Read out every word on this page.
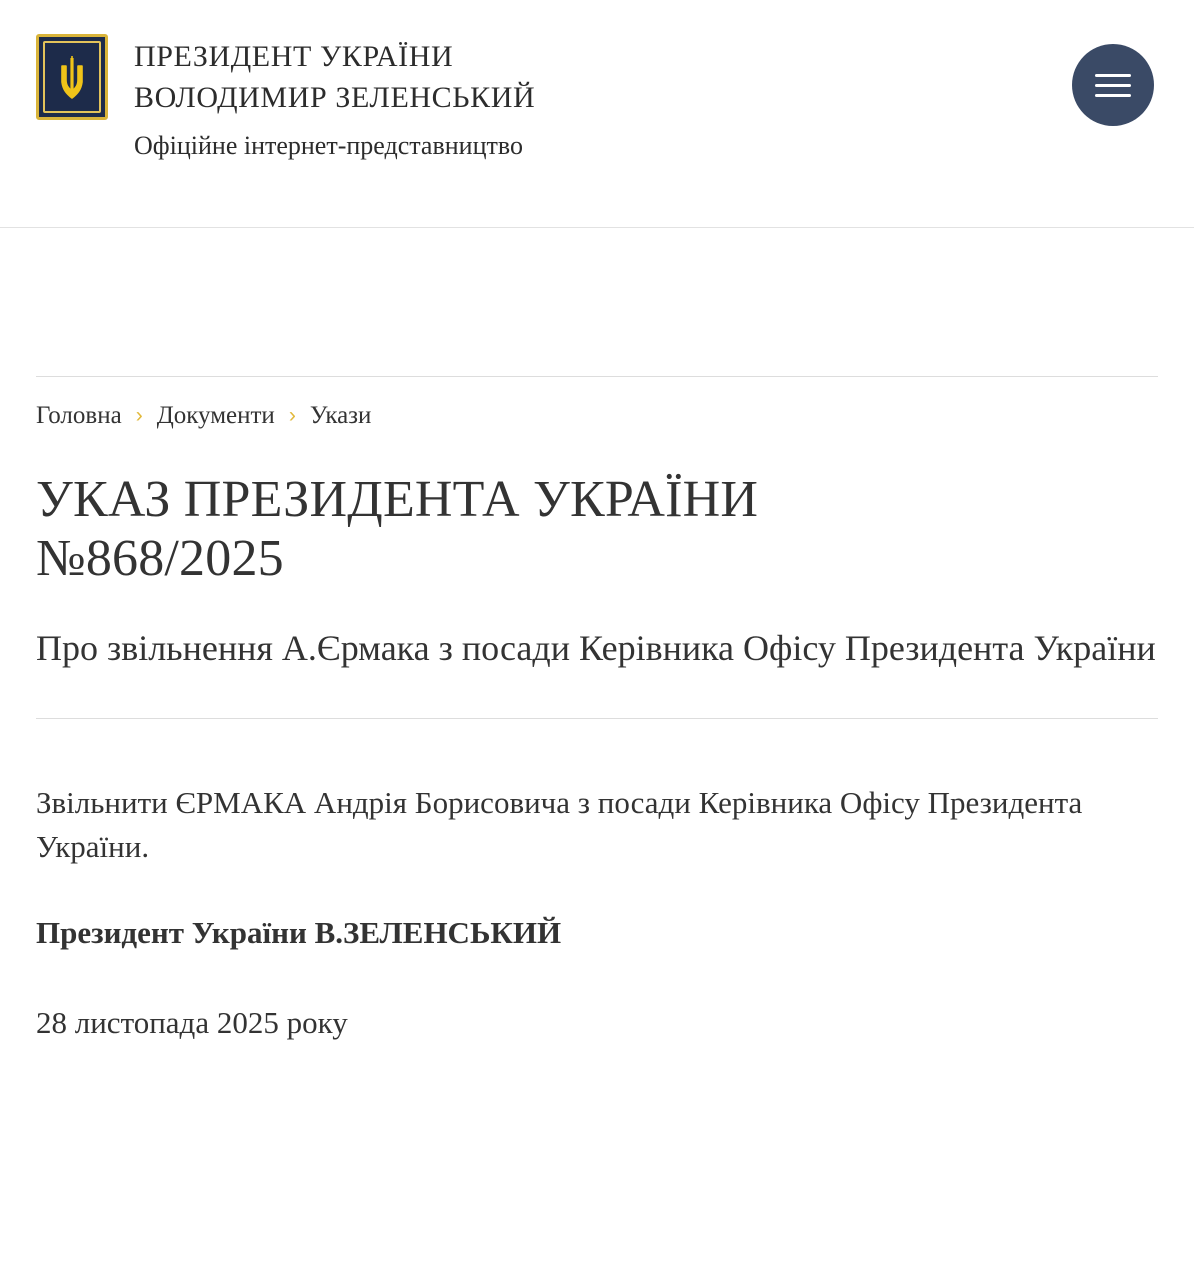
ПРЕЗИДЕНТ УКРАЇНИ
ВОЛОДИМИР ЗЕЛЕНСЬКИЙ
Офіційне інтернет-представництво
Головна › Документи › Укази
УКАЗ ПРЕЗИДЕНТА УКРАЇНИ
№868/2025
Про звільнення А.Єрмака з посади Керівника Офісу Президента України

Звільнити ЄРМАКА Андрія Борисовича з посади Керівника Офісу Президента України.

Президент України В.ЗЕЛЕНСЬКИЙ

28 листопада 2025 року
